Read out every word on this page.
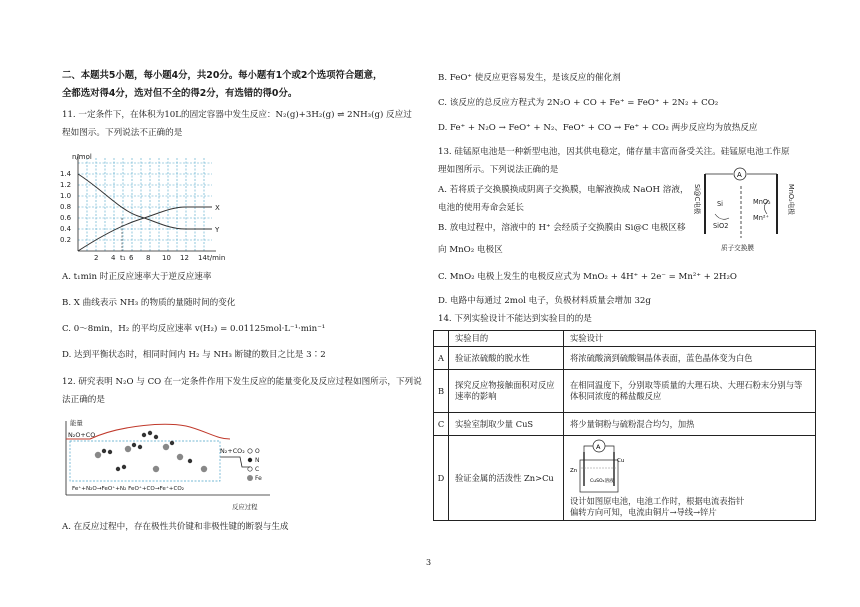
二、本题共5小题，每小题4分，共20分。每小题有1个或2个选项符合题意，
全都选对得4分，选对但不全的得2分，有选错的得0分。
11. 一定条件下，在体积为10L的固定容器中发生反应：N₂(g)+3H₂(g) ⇌ 2NH₃(g) 反应过
程如图示。下列说法不正确的是
n/mol
1.4
1.2
1.0
0.8
0.6
0.4
0.2
2 4 t₁ 6 8 10 12 14 t/min
X
Y
A. t₁min 时正反应速率大于逆反应速率
B. X 曲线表示 NH₃ 的物质的量随时间的变化
C. 0～8min，H₂ 的平均反应速率 v(H₂) = 0.01125mol·L⁻¹·min⁻¹
D. 达到平衡状态时，相同时间内 H₂ 与 NH₃ 断键的数目之比是 3∶2
12. 研究表明 N₂O 与 CO 在一定条件作用下发生反应的能量变化及反应过程如图所示，下列说
法正确的是
能量
N₂O+CO
N₂+CO₂
Fe⁺+N₂O→FeO⁺+N₂ FeO⁺+CO→Fe⁺+CO₂
反应过程
O
N
C
Fe
A. 在反应过程中，存在极性共价键和非极性键的断裂与生成
B. FeO⁺ 使反应更容易发生，是该反应的催化剂
C. 该反应的总反应方程式为 2N₂O + CO + Fe⁺ = FeO⁺ + 2N₂ + CO₂
D. Fe⁺ + N₂O → FeO⁺ + N₂、FeO⁺ + CO → Fe⁺ + CO₂ 两步反应均为放热反应
13. 硅锰原电池是一种新型电池，因其供电稳定，储存量丰富而备受关注。硅锰原电池工作原
理如图所示。下列说法正确的是
A. 若将质子交换膜换成阴离子交换膜，电解液换成 NaOH 溶液，
电池的使用寿命会延长
B. 放电过程中，溶液中的 H⁺ 会经质子交换膜由 Si@C 电极区移
向 MnO₂ 电极区
A
Si
SiO2
MnO₂
Mn²⁺
质子交换膜
Si@C电极	MnO₂电极
C. MnO₂ 电极上发生的电极反应式为 MnO₂ + 4H⁺ + 2e⁻ = Mn²⁺ + 2H₂O
D. 电路中每通过 2mol 电子，负极材料质量会增加 32g
14. 下列实验设计不能达到实验目的的是
	实验目的	实验设计
A	验证浓硫酸的脱水性	将浓硫酸滴到硫酸铜晶体表面，蓝色晶体变为白色
B	探究反应物接触面积对反应速率的影响	在相同温度下，分别取等质量的大理石块、大理石粉末分别与等体积同浓度的稀盐酸反应
C	实验室制取少量 CuS	将少量铜粉与硫粉混合均匀，加热
D	验证金属的活泼性 Zn>Cu	A
Zn
Cu
CuSO₄溶液
设计如图原电池，电池工作时，根据电流表指针偏转方向可知，电流由铜片→导线→锌片
3
